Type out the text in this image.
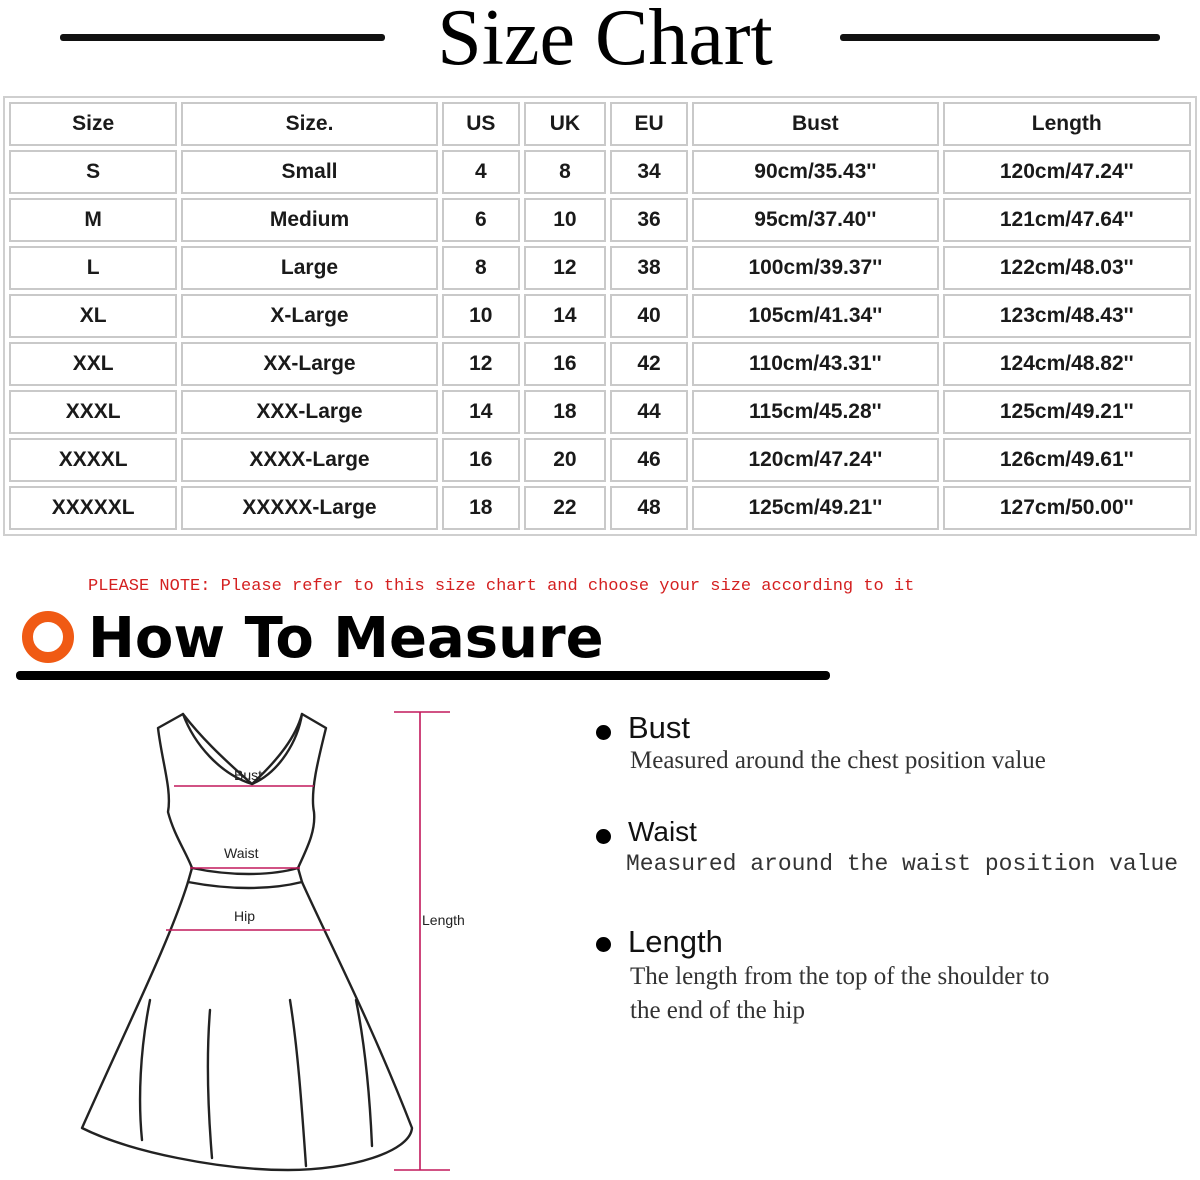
Size Chart
Size	Size.	US	UK	EU	Bust	Length
S	Small	4	8	34	90cm/35.43''	120cm/47.24''
M	Medium	6	10	36	95cm/37.40''	121cm/47.64''
L	Large	8	12	38	100cm/39.37''	122cm/48.03''
XL	X-Large	10	14	40	105cm/41.34''	123cm/48.43''
XXL	XX-Large	12	16	42	110cm/43.31''	124cm/48.82''
XXXL	XXX-Large	14	18	44	115cm/45.28''	125cm/49.21''
XXXXL	XXXX-Large	16	20	46	120cm/47.24''	126cm/49.61''
XXXXXL	XXXXX-Large	18	22	48	125cm/49.21''	127cm/50.00''
PLEASE NOTE: Please refer to this size chart and choose your size according to it
How To Measure
Bust
Waist
Hip	Length
Bust
Measured around the chest position value
Waist
Measured around the waist position value
Length
The length from the top of the shoulder to
the end of the hip
